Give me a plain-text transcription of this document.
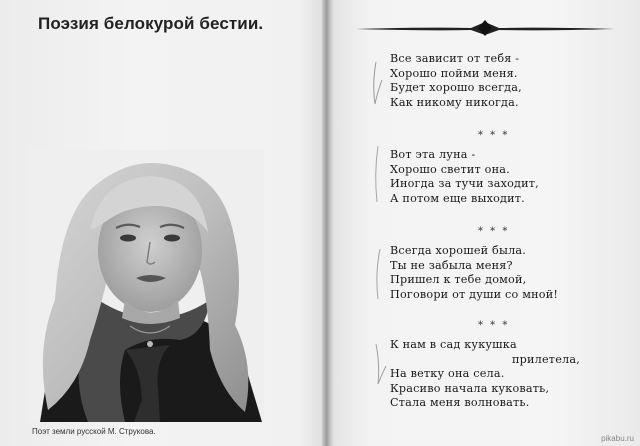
Поэзия белокурой бестии.
Поэт земли русской М. Струкова.
Все зависит от тебя -
Хорошо пойми меня.
Будет хорошо всегда,
Как никому никогда.
* * *
Вот эта луна -
Хорошо светит она.
Иногда за тучи заходит,
А потом еще выходит.
* * *
Всегда хорошей была.
Ты не забыла меня?
Пришел к тебе домой,
Поговори от души со мной!
* * *
К нам в сад кукушка
прилетела,
На ветку она села.
Красиво начала куковать,
Стала меня волновать.
pikabu.ru
